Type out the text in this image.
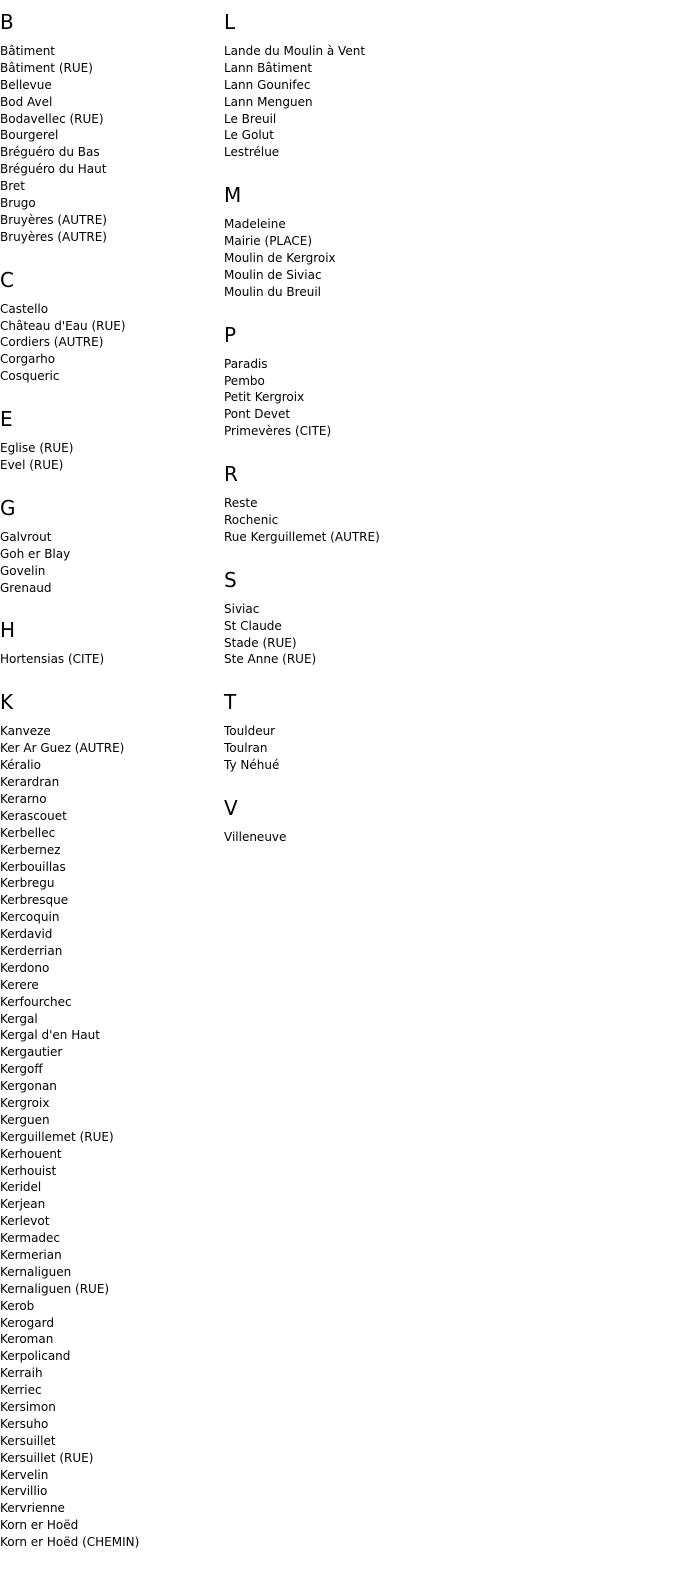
B
Bâtiment
Bâtiment (RUE)
Bellevue
Bod Avel
Bodavellec (RUE)
Bourgerel
Bréguéro du Bas
Bréguéro du Haut
Bret
Brugo
Bruyères (AUTRE)
Bruyères (AUTRE)
C
Castello
Château d'Eau (RUE)
Cordiers (AUTRE)
Corgarho
Cosqueric
E
Eglise (RUE)
Evel (RUE)
G
Galvrout
Goh er Blay
Govelin
Grenaud
H
Hortensias (CITE)
K
Kanveze
Ker Ar Guez (AUTRE)
Kéralio
Kerardran
Kerarno
Kerascouet
Kerbellec
Kerbernez
Kerbouillas
Kerbregu
Kerbresque
Kercoquin
Kerdavid
Kerderrian
Kerdono
Kerere
Kerfourchec
Kergal
Kergal d'en Haut
Kergautier
Kergoff
Kergonan
Kergroix
Kerguen
Kerguillemet (RUE)
Kerhouent
Kerhouist
Keridel
Kerjean
Kerlevot
Kermadec
Kermerian
Kernaliguen
Kernaliguen (RUE)
Kerob
Kerogard
Keroman
Kerpolicand
Kerraih
Kerriec
Kersimon
Kersuho
Kersuillet
Kersuillet (RUE)
Kervelin
Kervillio
Kervrienne
Korn er Hoëd
Korn er Hoëd (CHEMIN)
L
Lande du Moulin à Vent
Lann Bâtiment
Lann Gounifec
Lann Menguen
Le Breuil
Le Golut
Lestrélue
M
Madeleine
Mairie (PLACE)
Moulin de Kergroix
Moulin de Siviac
Moulin du Breuil
P
Paradis
Pembo
Petit Kergroix
Pont Devet
Primevères (CITE)
R
Reste
Rochenic
Rue Kerguillemet (AUTRE)
S
Siviac
St Claude
Stade (RUE)
Ste Anne (RUE)
T
Touldeur
Toulran
Ty Néhué
V
Villeneuve
